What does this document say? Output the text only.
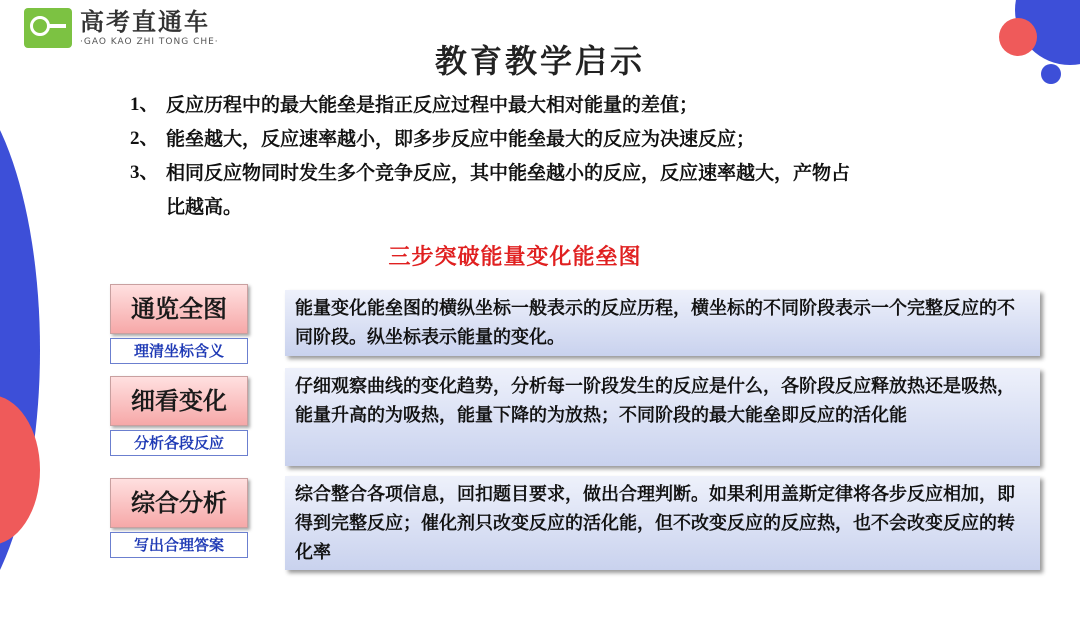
高考直通车
·GAO KAO ZHI TONG CHE·	教育教学启示
1、 反应历程中的最大能垒是指正反应过程中最大相对能量的差值；
2、 能垒越大，反应速率越小，即多步反应中能垒最大的反应为决速反应；
3、 相同反应物同时发生多个竞争反应，其中能垒越小的反应，反应速率越大，产物占比越高。
三步突破能量变化能垒图
通览全图
理清坐标含义
能量变化能垒图的横纵坐标一般表示的反应历程，横坐标的不同阶段表示一个完整反应的不同阶段。纵坐标表示能量的变化。
细看变化
分析各段反应
仔细观察曲线的变化趋势，分析每一阶段发生的反应是什么，各阶段反应释放热还是吸热，能量升高的为吸热，能量下降的为放热；不同阶段的最大能垒即反应的活化能
综合分析
写出合理答案
综合整合各项信息，回扣题目要求，做出合理判断。如果利用盖斯定律将各步反应相加，即得到完整反应；催化剂只改变反应的活化能，但不改变反应的反应热，也不会改变反应的转化率
